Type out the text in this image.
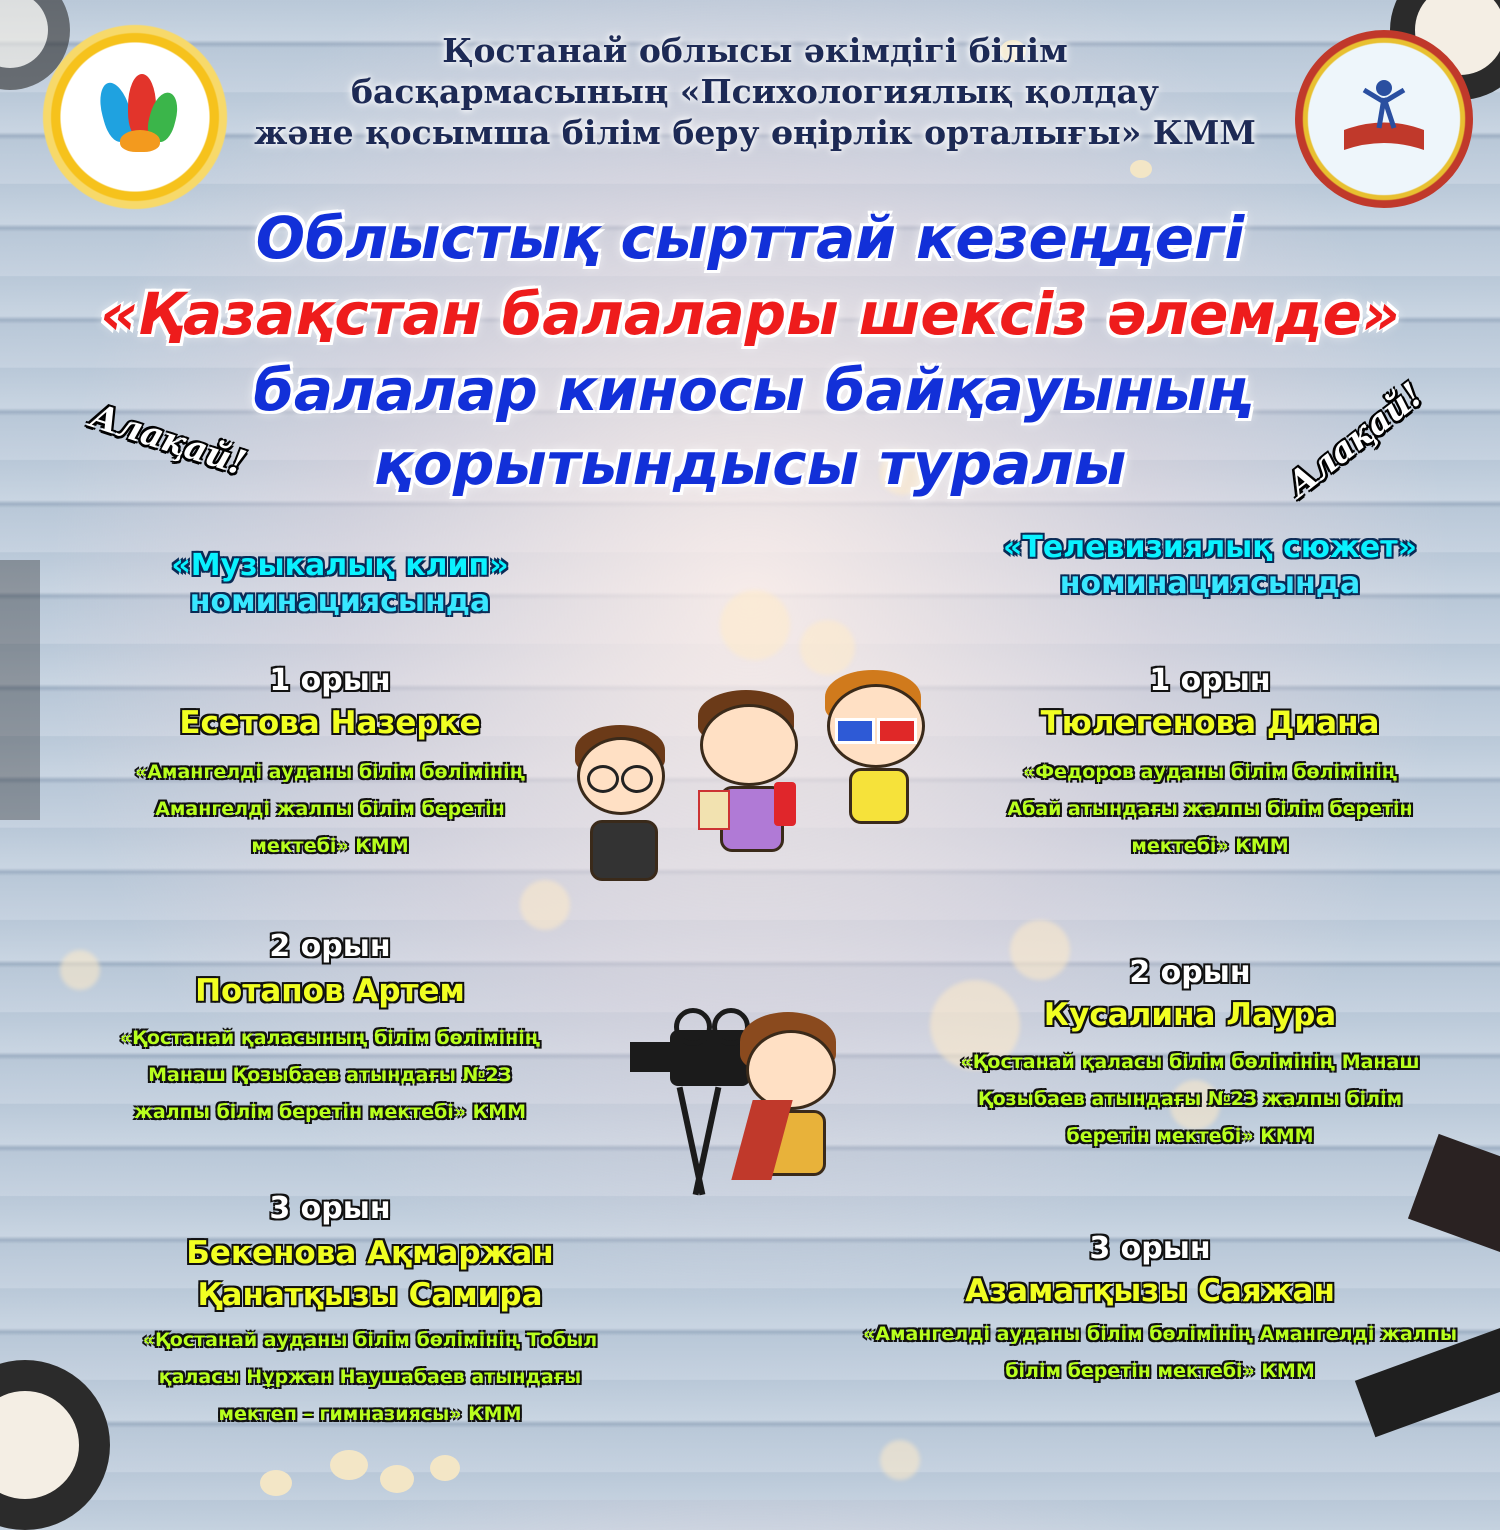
Қостанай облысы әкімдігі білім
басқармасының «Психологиялық қолдау
және қосымша білім беру өңірлік орталығы» КММ
Облыстық сырттай кезеңдегі
«Қазақстан балалары шексіз әлемде»
балалар киносы байқауының
қорытындысы туралы
Алақай!	Алақай!
«Музыкалық клип»
номинациясында
1 орын
Есетова Назерке
«Амангелді ауданы білім бөлімінің
Амангелді жалпы білім беретін
мектебі» КММ
2 орын
Потапов Артем
«Қостанай қаласының білім бөлімінің
Манаш Қозыбаев атындағы №23
жалпы білім беретін мектебі» КММ
3 орын
Бекенова Ақмаржан
Қанатқызы Самира
«Қостанай ауданы білім бөлімінің Тобыл
қаласы Нұржан Наушабаев атындағы
мектеп – гимназиясы» КММ
«Телевизиялық сюжет»
номинациясында
1 орын
Тюлегенова Диана
«Федоров ауданы білім бөлімінің
Абай атындағы жалпы білім беретін
мектебі» КММ
2 орын
Кусалина Лаура
«Қостанай қаласы білім бөлімінің Манаш
Қозыбаев атындағы №23 жалпы білім
беретін мектебі» КММ
3 орын
Азаматқызы Саяжан
«Амангелді ауданы білім бөлімінің Амангелді жалпы
білім беретін мектебі» КММ
